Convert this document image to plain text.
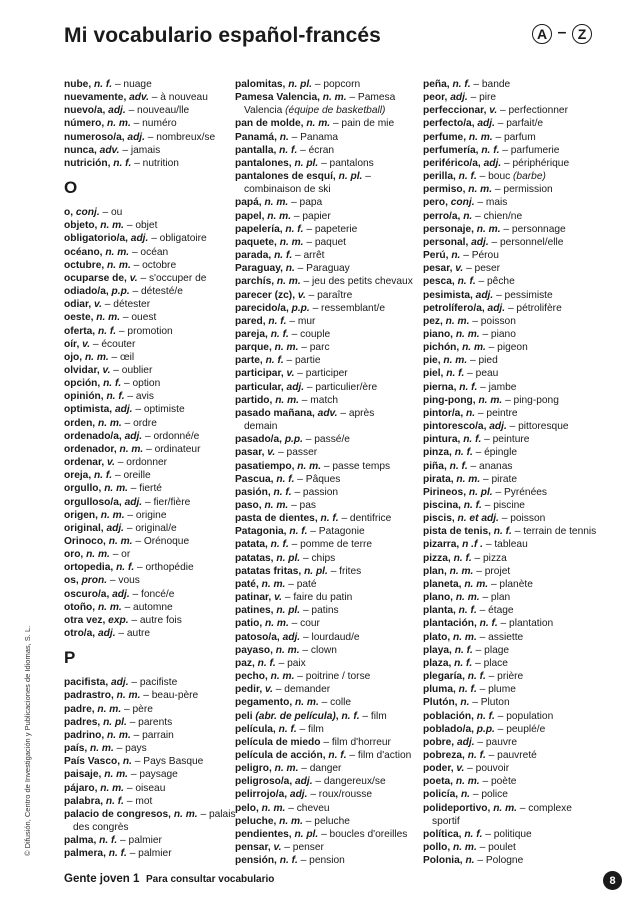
Mi vocabulario español-francés	A – Z
© Difusión, Centro de Investigación y Publicaciones de Idiomas, S. L.

nube, n. f. – nuage

nuevamente, adv. – à nouveau

nuevo/a, adj. – nouveau/lle

número, n. m. – numéro

numeroso/a, adj. – nombreux/se

nunca, adv. – jamais

nutrición, n. f. – nutrition

O

o, conj. – ou

objeto, n. m. – objet

obligatorio/a, adj. – obligatoire

océano, n. m. – océan

octubre, n. m. – octobre

ocuparse de, v. – s'occuper de

odiado/a, p.p. – détesté/e

odiar, v. – détester

oeste, n. m. – ouest

oferta, n. f. – promotion

oír, v. – écouter

ojo, n. m. – œil

olvidar, v. – oublier

opción, n. f. – option

opinión, n. f. – avis

optimista, adj. – optimiste

orden, n. m. – ordre

ordenado/a, adj. – ordonné/e

ordenador, n. m. – ordinateur

ordenar, v. – ordonner

oreja, n. f. – oreille

orgullo, n. m. – fierté

orgulloso/a, adj. – fier/fière

origen, n. m. – origine

original, adj. – original/e

Orinoco, n. m. – Orénoque

oro, n. m. – or

ortopedia, n. f. – orthopédie

os, pron. – vous

oscuro/a, adj. – foncé/e

otoño, n. m. – automne

otra vez, exp. – autre fois

otro/a, adj. – autre

P

pacifista, adj. – pacifiste

padrastro, n. m. – beau-père

padre, n. m. – père

padres, n. pl. – parents

padrino, n. m. – parrain

país, n. m. – pays

País Vasco, n. – Pays Basque

paisaje, n. m. – paysage

pájaro, n. m. – oiseau

palabra, n. f. – mot

palacio de congresos, n. m. – palais

des congrès

palma, n. f. – palmier

palmera, n. f. – palmier

palomitas, n. pl. – popcorn

Pamesa Valencia, n. m. – Pamesa

Valencia (équipe de basketball)

pan de molde, n. m. – pain de mie

Panamá, n. – Panama

pantalla, n. f. – écran

pantalones, n. pl. – pantalons

pantalones de esquí, n. pl. –

combinaison de ski

papá, n. m. – papa

papel, n. m. – papier

papelería, n. f. – papeterie

paquete, n. m. – paquet

parada, n. f. – arrêt

Paraguay, n. – Paraguay

parchís, n. m. – jeu des petits chevaux

parecer (zc), v. – paraître

parecido/a, p.p. – ressemblant/e

pared, n. f. – mur

pareja, n. f. – couple

parque, n. m. – parc

parte, n. f. – partie

participar, v. – participer

particular, adj. – particulier/ère

partido, n. m. – match

pasado mañana, adv. – après

demain

pasado/a, p.p. – passé/e

pasar, v. – passer

pasatiempo, n. m. – passe temps

Pascua, n. f. – Pâques

pasión, n. f. – passion

paso, n. m. – pas

pasta de dientes, n. f. – dentifrice

Patagonia, n. f. – Patagonie

patata, n. f. – pomme de terre

patatas, n. pl. – chips

patatas fritas, n. pl. – frites

paté, n. m. – paté

patinar, v. – faire du patin

patines, n. pl. – patins

patio, n. m. – cour

patoso/a, adj. – lourdaud/e

payaso, n. m. – clown

paz, n. f. – paix

pecho, n. m. – poitrine / torse

pedir, v. – demander

pegamento, n. m. – colle

peli (abr. de película), n. f. – film

película, n. f. – film

película de miedo – film d'horreur

película de acción, n. f. – film d'action

peligro, n. m. – danger

peligroso/a, adj. – dangereux/se

pelirrojo/a, adj. – roux/rousse

pelo, n. m. – cheveu

peluche, n. m. – peluche

pendientes, n. pl. – boucles d'oreilles

pensar, v. – penser

pensión, n. f. – pension

peña, n. f. – bande

peor, adj. – pire

perfeccionar, v. – perfectionner

perfecto/a, adj. – parfait/e

perfume, n. m. – parfum

perfumería, n. f. – parfumerie

periférico/a, adj. – périphérique

perilla, n. f. – bouc (barbe)

permiso, n. m. – permission

pero, conj. – mais

perro/a, n. – chien/ne

personaje, n. m. – personnage

personal, adj. – personnel/elle

Perú, n. – Pérou

pesar, v. – peser

pesca, n. f. – pêche

pesimista, adj. – pessimiste

petrolífero/a, adj. – pétrolifère

pez, n. m. – poisson

piano, n. m. – piano

pichón, n. m. – pigeon

pie, n. m. – pied

piel, n. f. – peau

pierna, n. f. – jambe

ping-pong, n. m. – ping-pong

pintor/a, n. – peintre

pintoresco/a, adj. – pittoresque

pintura, n. f. – peinture

pinza, n. f. – épingle

piña, n. f. – ananas

pirata, n. m. – pirate

Pirineos, n. pl. – Pyrénées

piscina, n. f. – piscine

piscis, n. et adj. – poisson

pista de tenis, n. f. – terrain de tennis

pizarra, n .f . – tableau

pizza, n. f. – pizza

plan, n. m. – projet

planeta, n. m. – planète

plano, n. m. – plan

planta, n. f. – étage

plantación, n. f. – plantation

plato, n. m. – assiette

playa, n. f. – plage

plaza, n. f. – place

plegaría, n. f. – prière

pluma, n. f. – plume

Plutón, n. – Pluton

población, n. f. – population

poblado/a, p.p. – peuplé/e

pobre, adj. – pauvre

pobreza, n. f. – pauvreté

poder, v. – pouvoir

poeta, n. m. – poète

policía, n. – police

polideportivo, n. m. – complexe

sportif

política, n. f. – politique

pollo, n. m. – poulet

Polonia, n. – Pologne

Gente joven 1 Para consultar vocabulario	8
